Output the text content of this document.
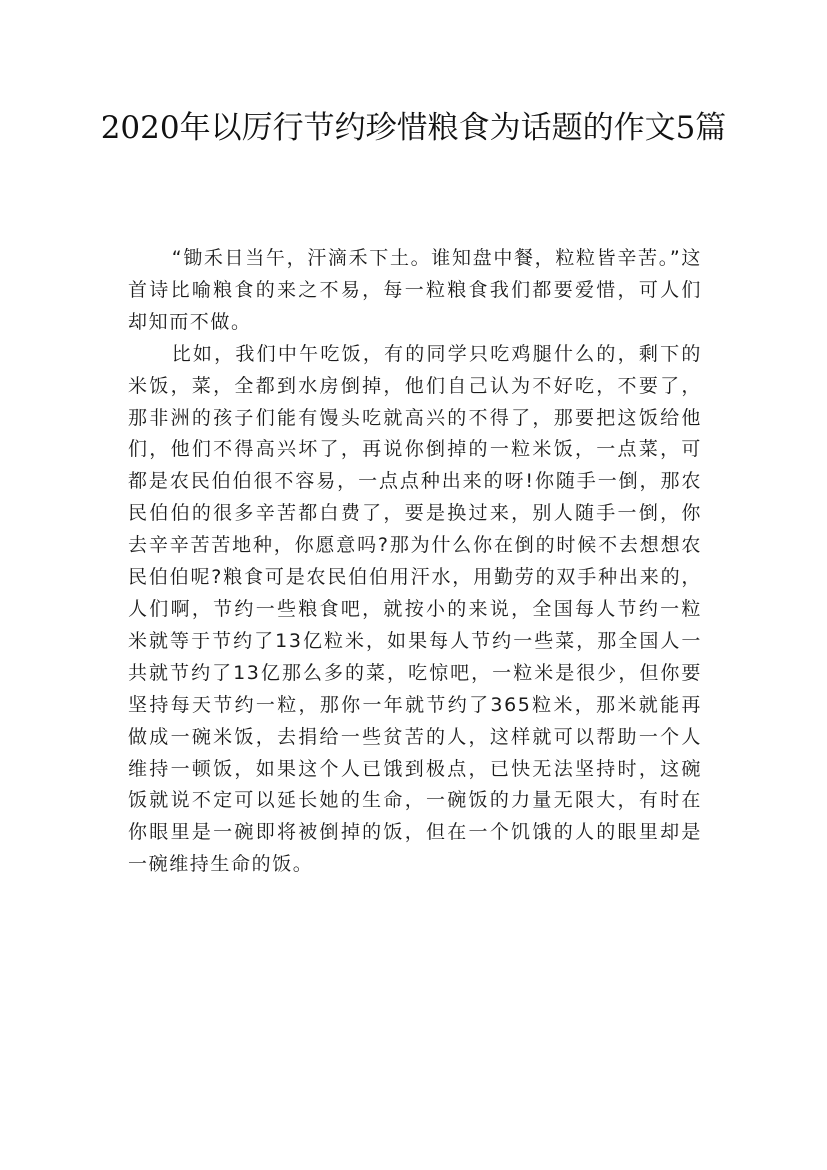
2020年以厉行节约珍惜粮食为话题的作文5篇

“锄禾日当午，汗滴禾下土。谁知盘中餐，粒粒皆辛苦。”这首诗比喻粮食的来之不易，每一粒粮食我们都要爱惜，可人们却知而不做。

比如，我们中午吃饭，有的同学只吃鸡腿什么的，剩下的米饭，菜，全都到水房倒掉，他们自己认为不好吃，不要了，那非洲的孩子们能有馒头吃就高兴的不得了，那要把这饭给他们，他们不得高兴坏了，再说你倒掉的一粒米饭，一点菜，可都是农民伯伯很不容易，一点点种出来的呀!你随手一倒，那农民伯伯的很多辛苦都白费了，要是换过来，别人随手一倒，你去辛辛苦苦地种，你愿意吗?那为什么你在倒的时候不去想想农民伯伯呢?粮食可是农民伯伯用汗水，用勤劳的双手种出来的，人们啊，节约一些粮食吧，就按小的来说，全国每人节约一粒米就等于节约了13亿粒米，如果每人节约一些菜，那全国人一共就节约了13亿那么多的菜，吃惊吧，一粒米是很少，但你要坚持每天节约一粒，那你一年就节约了365粒米，那米就能再做成一碗米饭，去捐给一些贫苦的人，这样就可以帮助一个人维持一顿饭，如果这个人已饿到极点，已快无法坚持时，这碗饭就说不定可以延长她的生命，一碗饭的力量无限大，有时在你眼里是一碗即将被倒掉的饭，但在一个饥饿的人的眼里却是一碗维持生命的饭。
